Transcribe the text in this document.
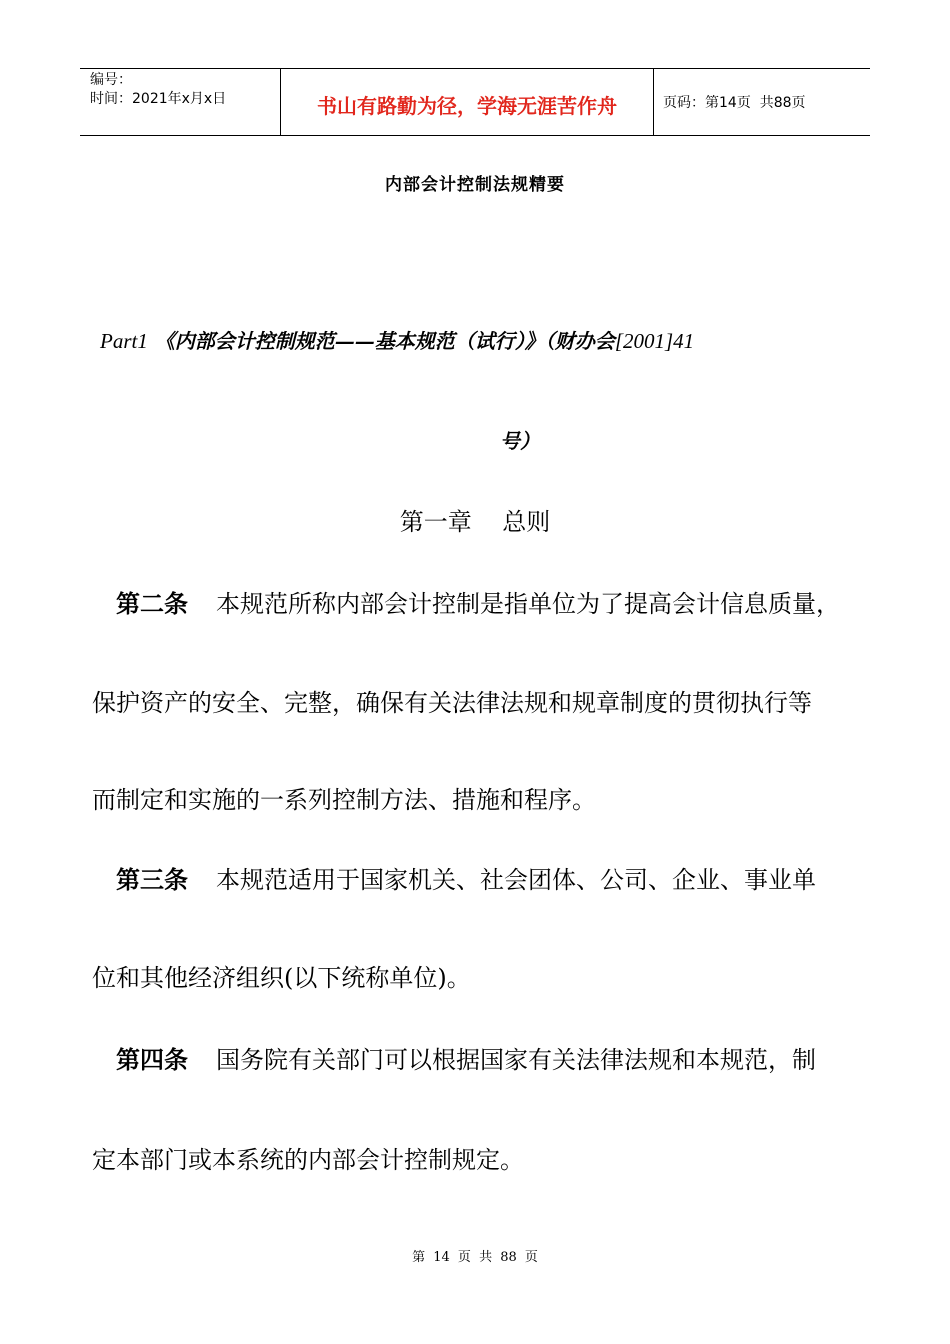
编号：
时间：2021年x月x日	书山有路勤为径，学海无涯苦作舟	页码：第14页  共88页
内部会计控制法规精要
Part1 《内部会计控制规范——基本规范（试行）》（财办会[2001]41
号）
第一章    总则
第二条 本规范所称内部会计控制是指单位为了提高会计信息质量，
保护资产的安全、完整，确保有关法律法规和规章制度的贯彻执行等
而制定和实施的一系列控制方法、措施和程序。
第三条 本规范适用于国家机关、社会团体、公司、企业、事业单
位和其他经济组织(以下统称单位)。
第四条 国务院有关部门可以根据国家有关法律法规和本规范，制
定本部门或本系统的内部会计控制规定。
第 14 页 共 88 页
